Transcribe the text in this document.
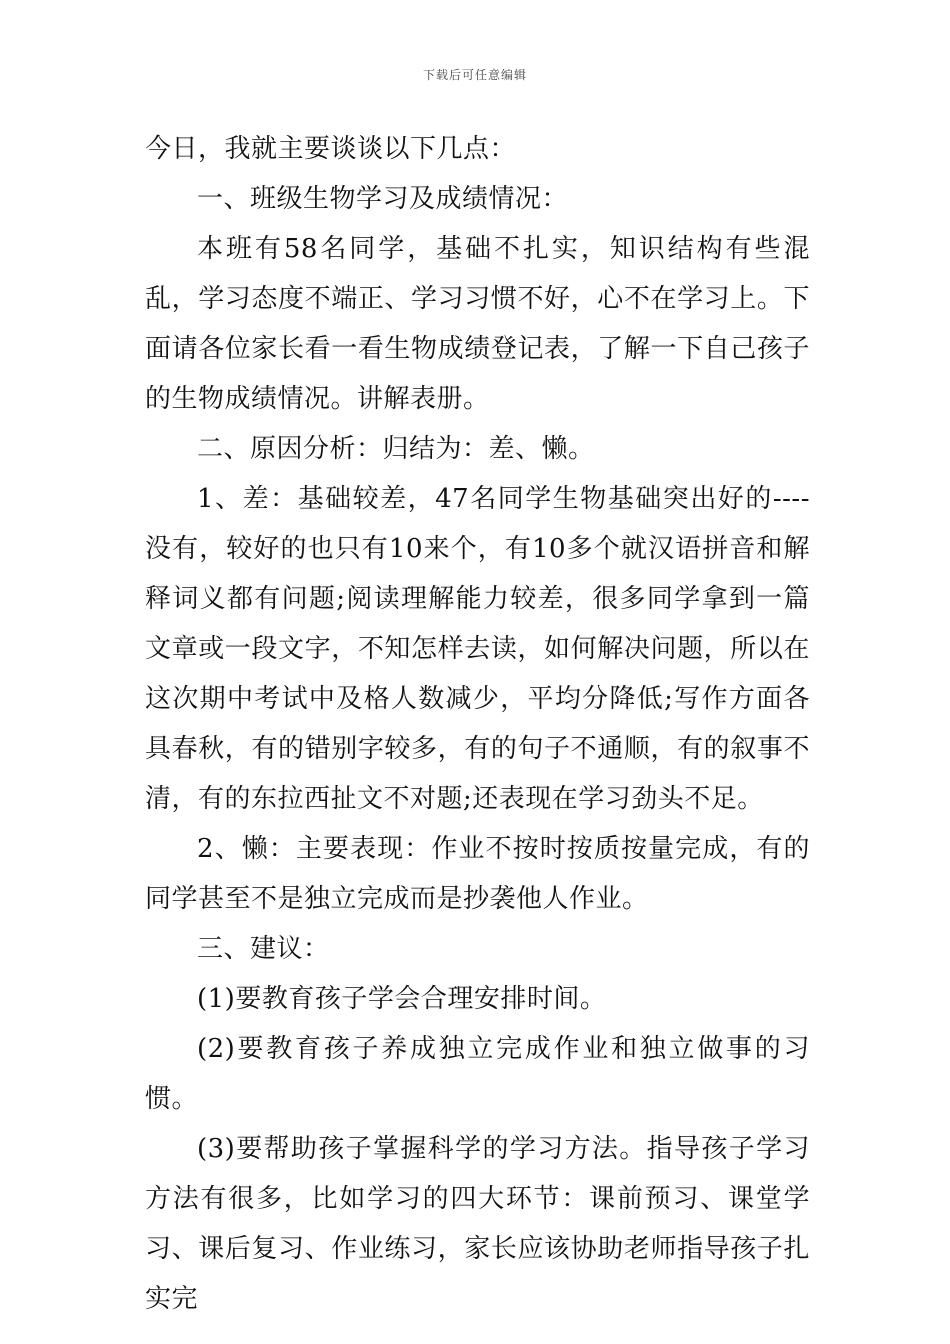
下载后可任意编辑

今日，我就主要谈谈以下几点：

一、班级生物学习及成绩情况：

本班有58名同学，基础不扎实，知识结构有些混乱，学习态度不端正、学习习惯不好，心不在学习上。下面请各位家长看一看生物成绩登记表，了解一下自己孩子的生物成绩情况。讲解表册。

二、原因分析：归结为：差、懒。

1、差：基础较差，47名同学生物基础突出好的----没有，较好的也只有10来个，有10多个就汉语拼音和解释词义都有问题;阅读理解能力较差，很多同学拿到一篇文章或一段文字，不知怎样去读，如何解决问题，所以在这次期中考试中及格人数减少，平均分降低;写作方面各具春秋，有的错别字较多，有的句子不通顺，有的叙事不清，有的东拉西扯文不对题;还表现在学习劲头不足。

2、懒：主要表现：作业不按时按质按量完成，有的同学甚至不是独立完成而是抄袭他人作业。

三、建议：

(1)要教育孩子学会合理安排时间。

(2)要教育孩子养成独立完成作业和独立做事的习惯。

(3)要帮助孩子掌握科学的学习方法。指导孩子学习方法有很多，比如学习的四大环节：课前预习、课堂学习、课后复习、作业练习，家长应该协助老师指导孩子扎实完
